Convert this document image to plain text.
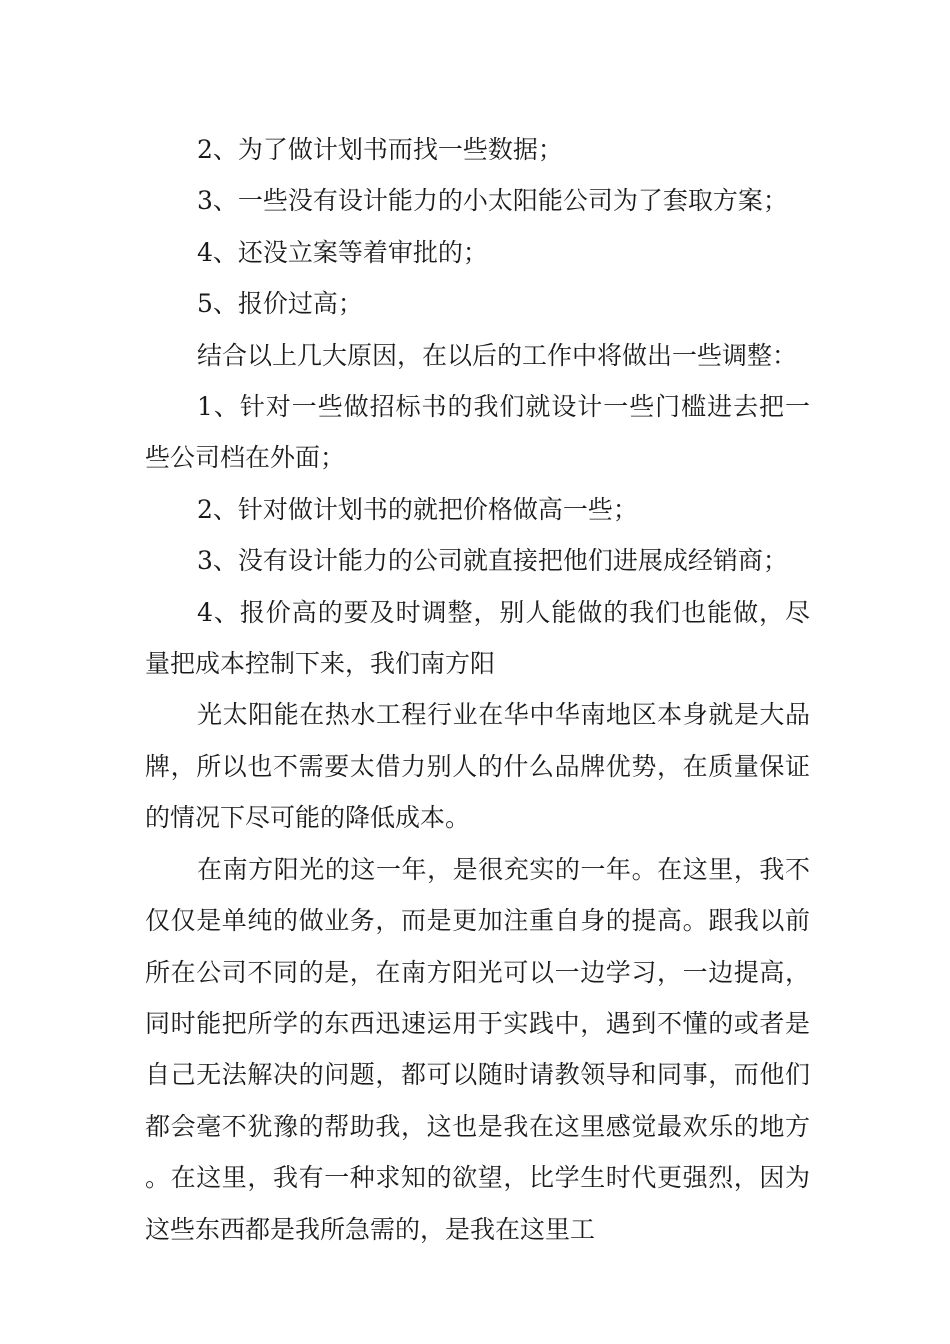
2、为了做计划书而找一些数据；

3、一些没有设计能力的小太阳能公司为了套取方案；

4、还没立案等着审批的；

5、报价过高；

结合以上几大原因，在以后的工作中将做出一些调整：

1、针对一些做招标书的我们就设计一些门槛进去把一些公司档在外面；

2、针对做计划书的就把价格做高一些；

3、没有设计能力的公司就直接把他们进展成经销商；

4、报价高的要及时调整，别人能做的我们也能做，尽量把成本控制下来，我们南方阳

光太阳能在热水工程行业在华中华南地区本身就是大品牌，所以也不需要太借力别人的什么品牌优势，在质量保证的情况下尽可能的降低成本。

在南方阳光的这一年，是很充实的一年。在这里，我不仅仅是单纯的做业务，而是更加注重自身的提高。跟我以前所在公司不同的是，在南方阳光可以一边学习，一边提高，同时能把所学的东西迅速运用于实践中，遇到不懂的或者是自己无法解决的问题，都可以随时请教领导和同事，而他们都会毫不犹豫的帮助我，这也是我在这里感觉最欢乐的地方。在这里，我有一种求知的欲望，比学生时代更强烈，因为这些东西都是我所急需的，是我在这里工
